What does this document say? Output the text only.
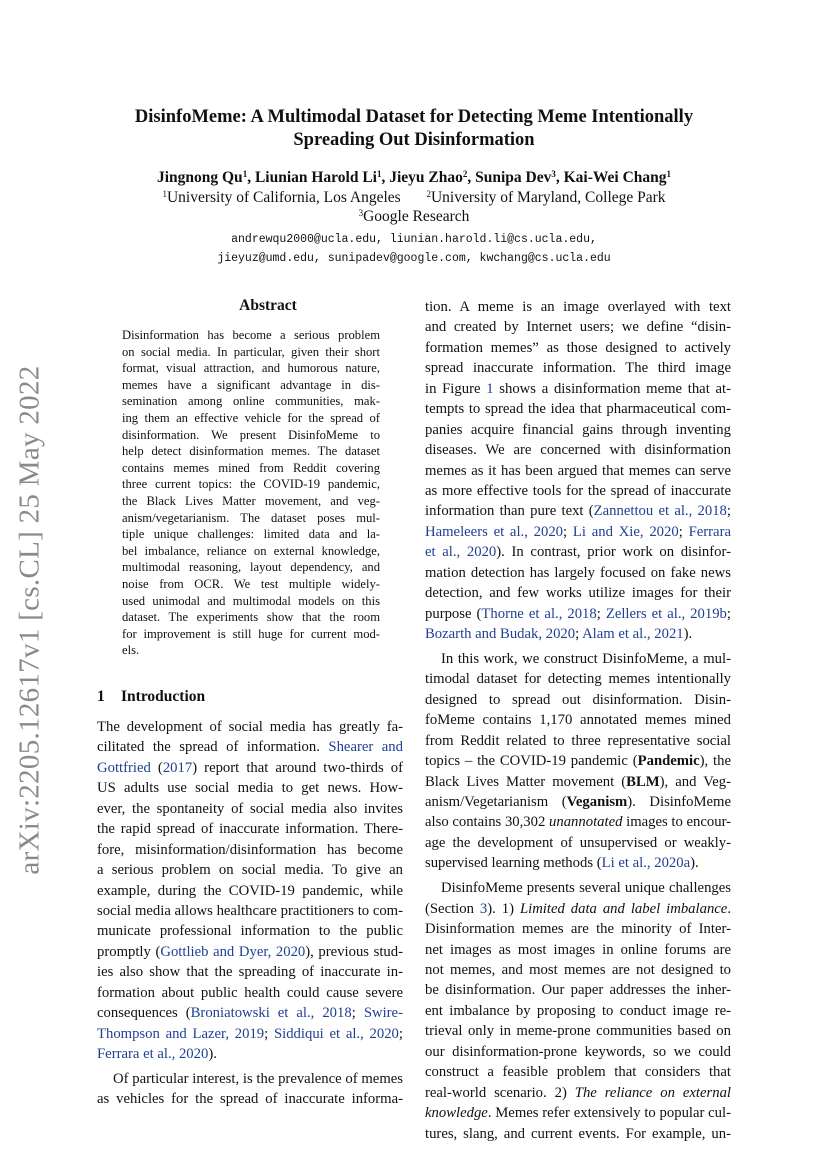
arXiv:2205.12617v1 [cs.CL] 25 May 2022
DisinfoMeme: A Multimodal Dataset for Detecting Meme Intentionally
Spreading Out Disinformation
Jingnong Qu$^1$, Liunian Harold Li$^1$, Jieyu Zhao$^2$, Sunipa Dev$^3$, Kai-Wei Chang$^1$
$^1$University of California, Los Angeles	$^2$University of Maryland, College Park
$^3$Google Research
andrewqu2000@ucla.edu, liunian.harold.li@cs.ucla.edu,
jieyuz@umd.edu, sunipadev@google.com, kwchang@cs.ucla.edu
Abstract
Disinformation has become a serious problem
on social media. In particular, given their short
format, visual attraction, and humorous nature,
memes have a significant advantage in dis-
semination among online communities, mak-
ing them an effective vehicle for the spread of
disinformation. We present DisinfoMeme to
help detect disinformation memes. The dataset
contains memes mined from Reddit covering
three current topics: the COVID-19 pandemic,
the Black Lives Matter movement, and veg-
anism/vegetarianism. The dataset poses mul-
tiple unique challenges: limited data and la-
bel imbalance, reliance on external knowledge,
multimodal reasoning, layout dependency, and
noise from OCR. We test multiple widely-
used unimodal and multimodal models on this
dataset. The experiments show that the room
for improvement is still huge for current mod-
els.
1 Introduction
The development of social media has greatly fa-
cilitated the spread of information. Shearer and
Gottfried (2017) report that around two-thirds of
US adults use social media to get news. How-
ever, the spontaneity of social media also invites
the rapid spread of inaccurate information. There-
fore, misinformation/disinformation has become
a serious problem on social media. To give an
example, during the COVID-19 pandemic, while
social media allows healthcare practitioners to com-
municate professional information to the public
promptly (Gottlieb and Dyer, 2020), previous stud-
ies also show that the spreading of inaccurate in-
formation about public health could cause severe
consequences (Broniatowski et al., 2018; Swire-
Thompson and Lazer, 2019; Siddiqui et al., 2020;
Ferrara et al., 2020).
Of particular interest, is the prevalence of memes
as vehicles for the spread of inaccurate informa-
tion. A meme is an image overlayed with text
and created by Internet users; we define “disin-
formation memes” as those designed to actively
spread inaccurate information. The third image
in Figure 1 shows a disinformation meme that at-
tempts to spread the idea that pharmaceutical com-
panies acquire financial gains through inventing
diseases. We are concerned with disinformation
memes as it has been argued that memes can serve
as more effective tools for the spread of inaccurate
information than pure text (Zannettou et al., 2018;
Hameleers et al., 2020; Li and Xie, 2020; Ferrara
et al., 2020). In contrast, prior work on disinfor-
mation detection has largely focused on fake news
detection, and few works utilize images for their
purpose (Thorne et al., 2018; Zellers et al., 2019b;
Bozarth and Budak, 2020; Alam et al., 2021).
In this work, we construct DisinfoMeme, a mul-
timodal dataset for detecting memes intentionally
designed to spread out disinformation. Disin-
foMeme contains 1,170 annotated memes mined
from Reddit related to three representative social
topics – the COVID-19 pandemic (Pandemic), the
Black Lives Matter movement (BLM), and Veg-
anism/Vegetarianism (Veganism). DisinfoMeme
also contains 30,302 unannotated images to encour-
age the development of unsupervised or weakly-
supervised learning methods (Li et al., 2020a).
DisinfoMeme presents several unique challenges
(Section 3). 1) Limited data and label imbalance.
Disinformation memes are the minority of Inter-
net images as most images in online forums are
not memes, and most memes are not designed to
be disinformation. Our paper addresses the inher-
ent imbalance by proposing to conduct image re-
trieval only in meme-prone communities based on
our disinformation-prone keywords, so we could
construct a feasible problem that considers that
real-world scenario. 2) The reliance on external
knowledge. Memes refer extensively to popular cul-
tures, slang, and current events. For example, un-
